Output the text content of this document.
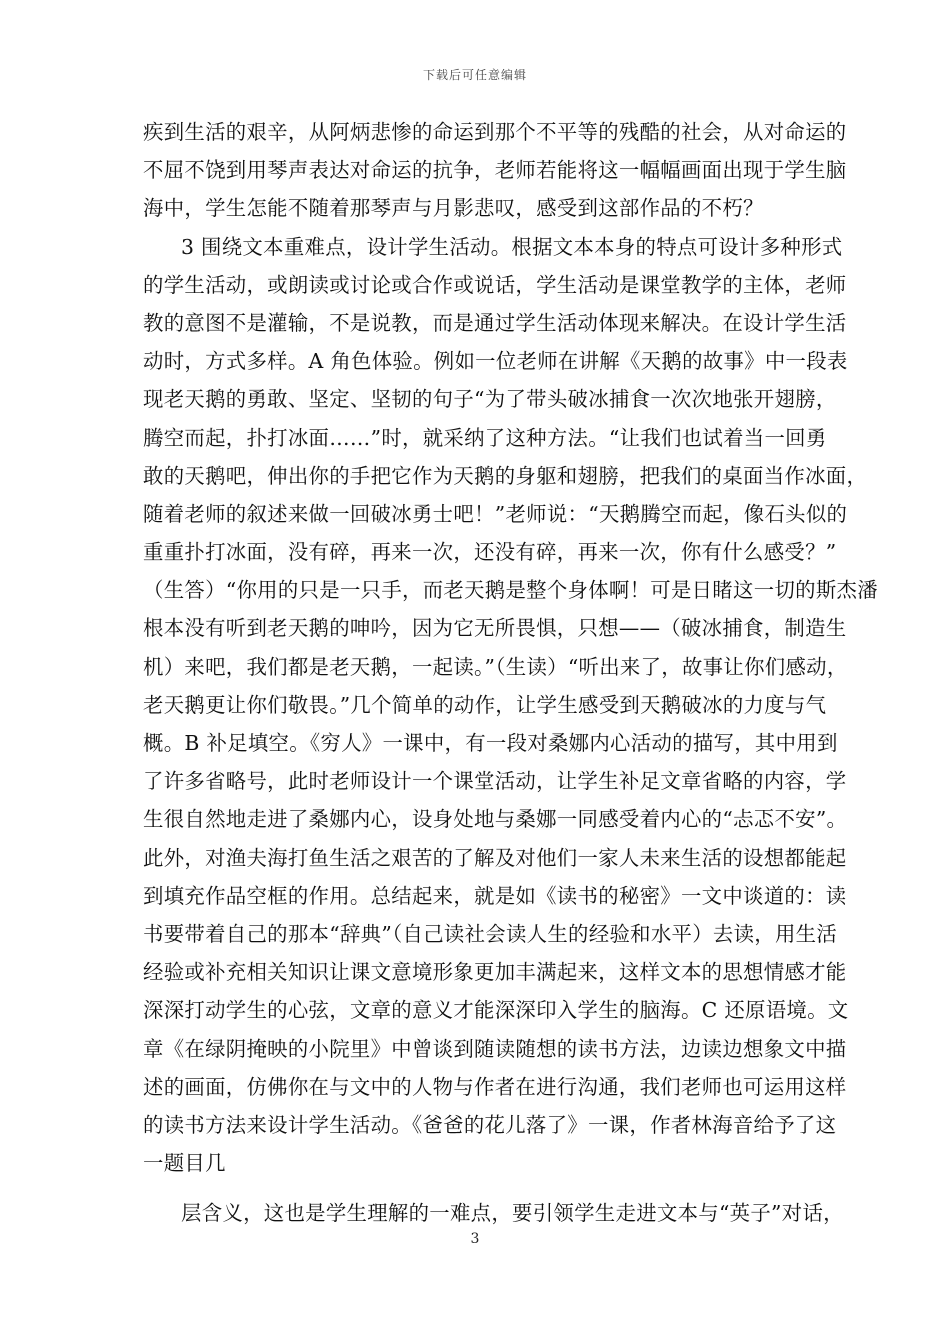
下载后可任意编辑
疾到生活的艰辛，从阿炳悲惨的命运到那个不平等的残酷的社会，从对命运的
不屈不饶到用琴声表达对命运的抗争，老师若能将这一幅幅画面出现于学生脑
海中，学生怎能不随着那琴声与月影悲叹，感受到这部作品的不朽？
3 围绕文本重难点，设计学生活动。根据文本本身的特点可设计多种形式
的学生活动，或朗读或讨论或合作或说话，学生活动是课堂教学的主体，老师
教的意图不是灌输，不是说教，而是通过学生活动体现来解决。在设计学生活
动时，方式多样。A 角色体验。例如一位老师在讲解《天鹅的故事》中一段表
现老天鹅的勇敢、坚定、坚韧的句子“为了带头破冰捕食一次次地张开翅膀，
腾空而起，扑打冰面……”时，就采纳了这种方法。“让我们也试着当一回勇
敢的天鹅吧，伸出你的手把它作为天鹅的身躯和翅膀，把我们的桌面当作冰面，
随着老师的叙述来做一回破冰勇士吧！”老师说：“天鹅腾空而起，像石头似的
重重扑打冰面，没有碎，再来一次，还没有碎，再来一次，你有什么感受？”
（生答）“你用的只是一只手，而老天鹅是整个身体啊！可是日睹这一切的斯杰潘
根本没有听到老天鹅的呻吟，因为它无所畏惧，只想——（破冰捕食，制造生
机）来吧，我们都是老天鹅，一起读。”（生读）“听出来了，故事让你们感动，
老天鹅更让你们敬畏。”几个简单的动作，让学生感受到天鹅破冰的力度与气
概。B 补足填空。《穷人》一课中，有一段对桑娜内心活动的描写，其中用到
了许多省略号，此时老师设计一个课堂活动，让学生补足文章省略的内容，学
生很自然地走进了桑娜内心，设身处地与桑娜一同感受着内心的“忐忑不安”。
此外，对渔夫海打鱼生活之艰苦的了解及对他们一家人未来生活的设想都能起
到填充作品空框的作用。总结起来，就是如《读书的秘密》一文中谈道的：读
书要带着自己的那本“辞典”（自己读社会读人生的经验和水平）去读，用生活
经验或补充相关知识让课文意境形象更加丰满起来，这样文本的思想情感才能
深深打动学生的心弦，文章的意义才能深深印入学生的脑海。C 还原语境。文
章《在绿阴掩映的小院里》中曾谈到随读随想的读书方法，边读边想象文中描
述的画面，仿佛你在与文中的人物与作者在进行沟通，我们老师也可运用这样
的读书方法来设计学生活动。《爸爸的花儿落了》一课，作者林海音给予了这
一题目几
层含义，这也是学生理解的一难点，要引领学生走进文本与“英子”对话，
3
